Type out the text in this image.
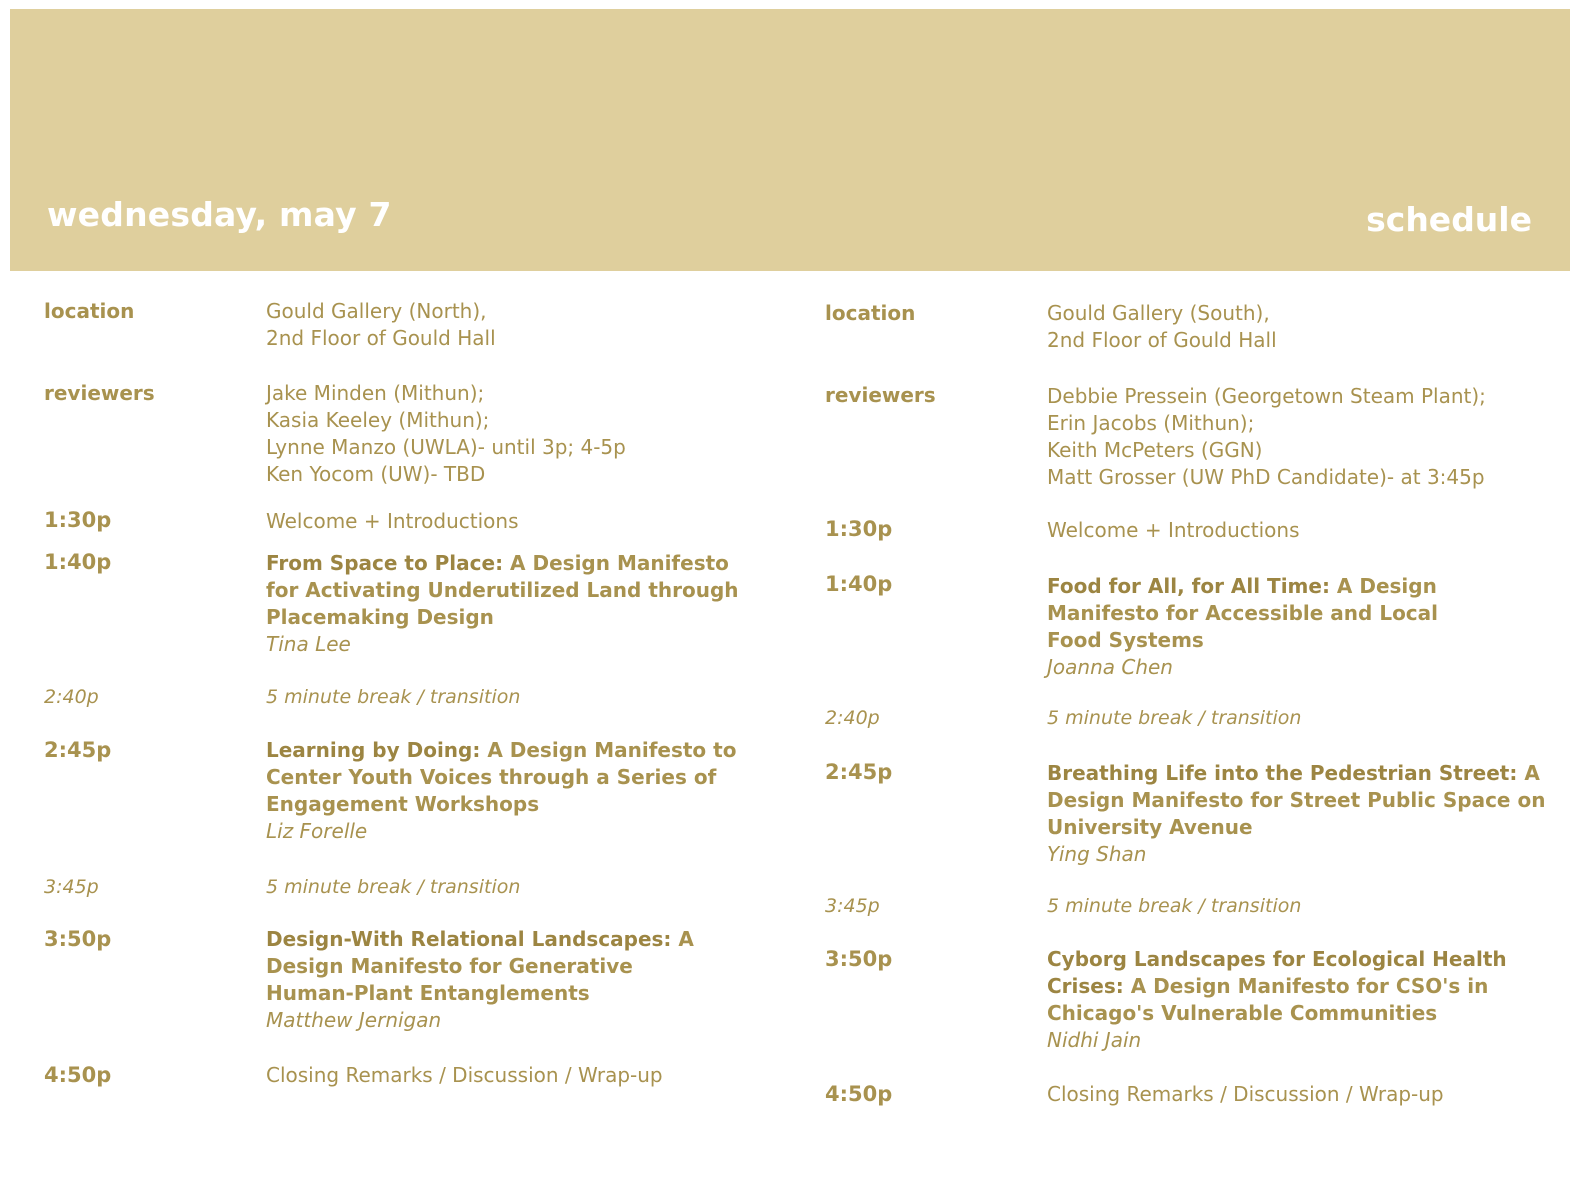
wednesday, may 7	schedule
location	Gould Gallery (North),
2nd Floor of Gould Hall
reviewers	Jake Minden (Mithun);
Kasia Keeley (Mithun);
Lynne Manzo (UWLA)- until 3p; 4-5p
Ken Yocom (UW)- TBD
1:30p	Welcome + Introductions
1:40p	From Space to Place: A Design Manifesto for Activating Underutilized Land through Placemaking Design
Tina Lee
2:40p	5 minute break / transition
2:45p	Learning by Doing: A Design Manifesto to Center Youth Voices through a Series of Engagement Workshops
Liz Forelle
3:45p	5 minute break / transition
3:50p	Design-With Relational Landscapes: A Design Manifesto for Generative Human-Plant Entanglements
Matthew Jernigan
4:50p	Closing Remarks / Discussion / Wrap-up
location	Gould Gallery (South),
2nd Floor of Gould Hall
reviewers	Debbie Pressein (Georgetown Steam Plant);
Erin Jacobs (Mithun);
Keith McPeters (GGN)
Matt Grosser (UW PhD Candidate)- at 3:45p
1:30p	Welcome + Introductions
1:40p	Food for All, for All Time: A Design Manifesto for Accessible and Local Food Systems
Joanna Chen
2:40p	5 minute break / transition
2:45p	Breathing Life into the Pedestrian Street: A Design Manifesto for Street Public Space on University Avenue
Ying Shan
3:45p	5 minute break / transition
3:50p	Cyborg Landscapes for Ecological Health Crises: A Design Manifesto for CSO's in Chicago's Vulnerable Communities
Nidhi Jain
4:50p	Closing Remarks / Discussion / Wrap-up
